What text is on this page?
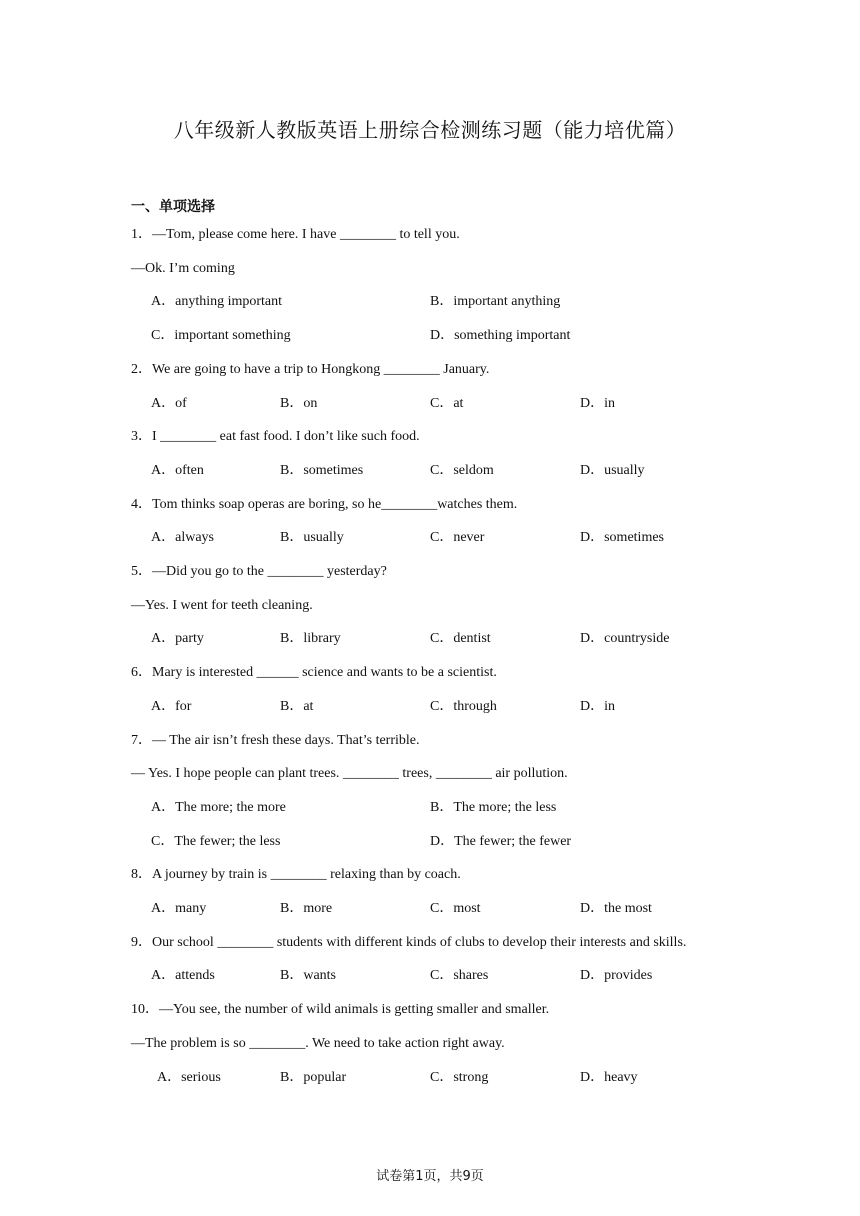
八年级新人教版英语上册综合检测练习题（能力培优篇）
一、单项选择
1．—Tom, please come here. I have ________ to tell you.
—Ok. I’m coming
A．anything important	B．important anything
C．important something	D．something important
2．We are going to have a trip to Hongkong ________ January.
A．of	B．on	C．at	D．in
3．I ________ eat fast food. I don’t like such food.
A．often	B．sometimes	C．seldom	D．usually
4．Tom thinks soap operas are boring, so he________watches them.
A．always	B．usually	C．never	D．sometimes
5．—Did you go to the ________ yesterday?
—Yes. I went for teeth cleaning.
A．party	B．library	C．dentist	D．countryside
6．Mary is interested ______ science and wants to be a scientist.
A．for	B．at	C．through	D．in
7．— The air isn’t fresh these days. That’s terrible.
— Yes. I hope people can plant trees. ________ trees, ________ air pollution.
A．The more; the more	B．The more; the less
C．The fewer; the less	D．The fewer; the fewer
8．A journey by train is ________ relaxing than by coach.
A．many	B．more	C．most	D．the most
9．Our school ________ students with different kinds of clubs to develop their interests and skills.
A．attends	B．wants	C．shares	D．provides
10．—You see, the number of wild animals is getting smaller and smaller.
—The problem is so ________. We need to take action right away.
A．serious	B．popular	C．strong	D．heavy
试卷第1页，共9页
